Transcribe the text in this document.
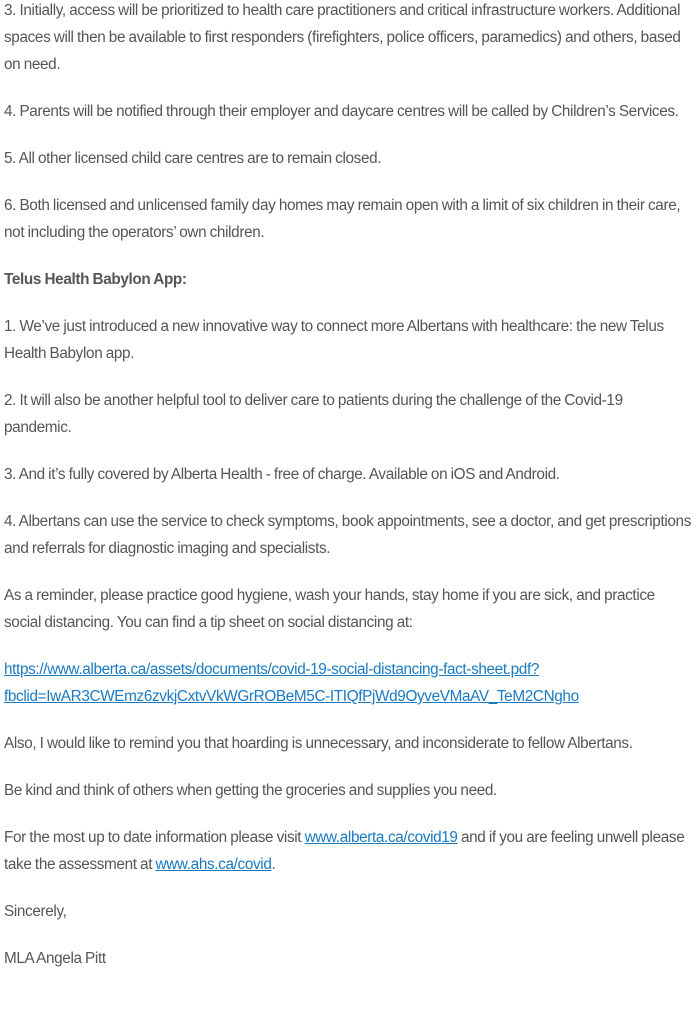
3. Initially, access will be prioritized to health care practitioners and critical infrastructure workers. Additional spaces will then be available to first responders (firefighters, police officers, paramedics) and others, based on need.

4. Parents will be notified through their employer and daycare centres will be called by Children’s Services.

5. All other licensed child care centres are to remain closed.

6. Both licensed and unlicensed family day homes may remain open with a limit of six children in their care, not including the operators’ own children.

Telus Health Babylon App:

1. We’ve just introduced a new innovative way to connect more Albertans with healthcare: the new Telus Health Babylon app.

2. It will also be another helpful tool to deliver care to patients during the challenge of the Covid-19 pandemic.

3. And it’s fully covered by Alberta Health - free of charge. Available on iOS and Android.

4. Albertans can use the service to check symptoms, book appointments, see a doctor, and get prescriptions and referrals for diagnostic imaging and specialists.

As a reminder, please practice good hygiene, wash your hands, stay home if you are sick, and practice social distancing. You can find a tip sheet on social distancing at:

https://www.alberta.ca/assets/documents/covid-19-social-distancing-fact-sheet.pdf?
fbclid=IwAR3CWEmz6zvkjCxtvVkWGrROBeM5C-ITIQfPjWd9OyveVMaAV_TeM2CNgho

Also, I would like to remind you that hoarding is unnecessary, and inconsiderate to fellow Albertans.

Be kind and think of others when getting the groceries and supplies you need.

For the most up to date information please visit www.alberta.ca/covid19 and if you are feeling unwell please take the assessment at www.ahs.ca/covid.

Sincerely,

MLA Angela Pitt
